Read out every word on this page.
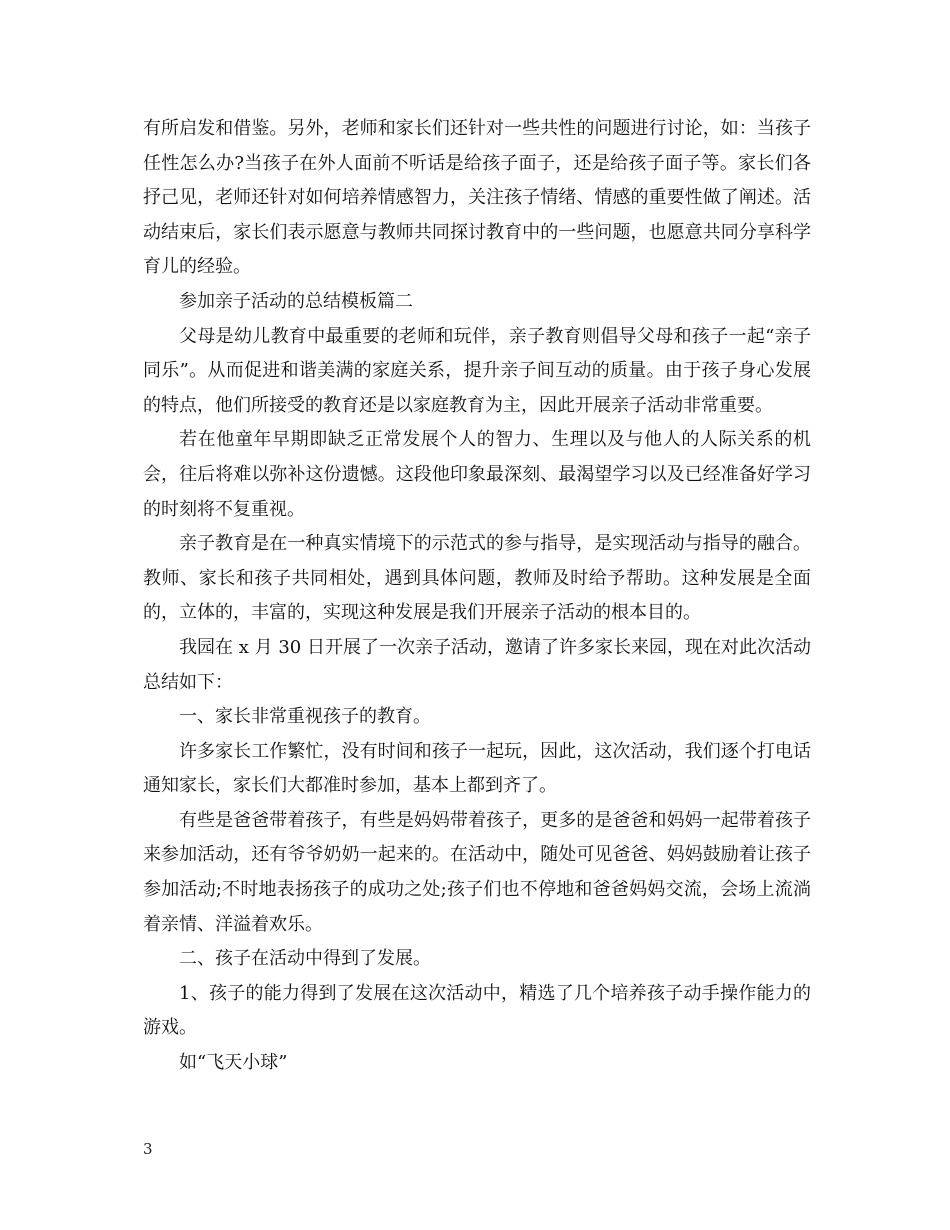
有所启发和借鉴。另外，老师和家长们还针对一些共性的问题进行讨论，如：当孩子任性怎么办?当孩子在外人面前不听话是给孩子面子，还是给孩子面子等。家长们各抒己见，老师还针对如何培养情感智力，关注孩子情绪、情感的重要性做了阐述。活动结束后，家长们表示愿意与教师共同探讨教育中的一些问题，也愿意共同分享科学育儿的经验。

参加亲子活动的总结模板篇二

父母是幼儿教育中最重要的老师和玩伴，亲子教育则倡导父母和孩子一起“亲子同乐”。从而促进和谐美满的家庭关系，提升亲子间互动的质量。由于孩子身心发展的特点，他们所接受的教育还是以家庭教育为主，因此开展亲子活动非常重要。

若在他童年早期即缺乏正常发展个人的智力、生理以及与他人的人际关系的机会，往后将难以弥补这份遗憾。这段他印象最深刻、最渴望学习以及已经准备好学习的时刻将不复重视。

亲子教育是在一种真实情境下的示范式的参与指导，是实现活动与指导的融合。教师、家长和孩子共同相处，遇到具体问题，教师及时给予帮助。这种发展是全面的，立体的，丰富的，实现这种发展是我们开展亲子活动的根本目的。

我园在 x 月 30 日开展了一次亲子活动，邀请了许多家长来园，现在对此次活动总结如下：

一、家长非常重视孩子的教育。

许多家长工作繁忙，没有时间和孩子一起玩，因此，这次活动，我们逐个打电话通知家长，家长们大都准时参加，基本上都到齐了。

有些是爸爸带着孩子，有些是妈妈带着孩子，更多的是爸爸和妈妈一起带着孩子来参加活动，还有爷爷奶奶一起来的。在活动中，随处可见爸爸、妈妈鼓励着让孩子参加活动;不时地表扬孩子的成功之处;孩子们也不停地和爸爸妈妈交流，会场上流淌着亲情、洋溢着欢乐。

二、孩子在活动中得到了发展。

1、孩子的能力得到了发展在这次活动中，精选了几个培养孩子动手操作能力的游戏。

如“飞天小球”

3
